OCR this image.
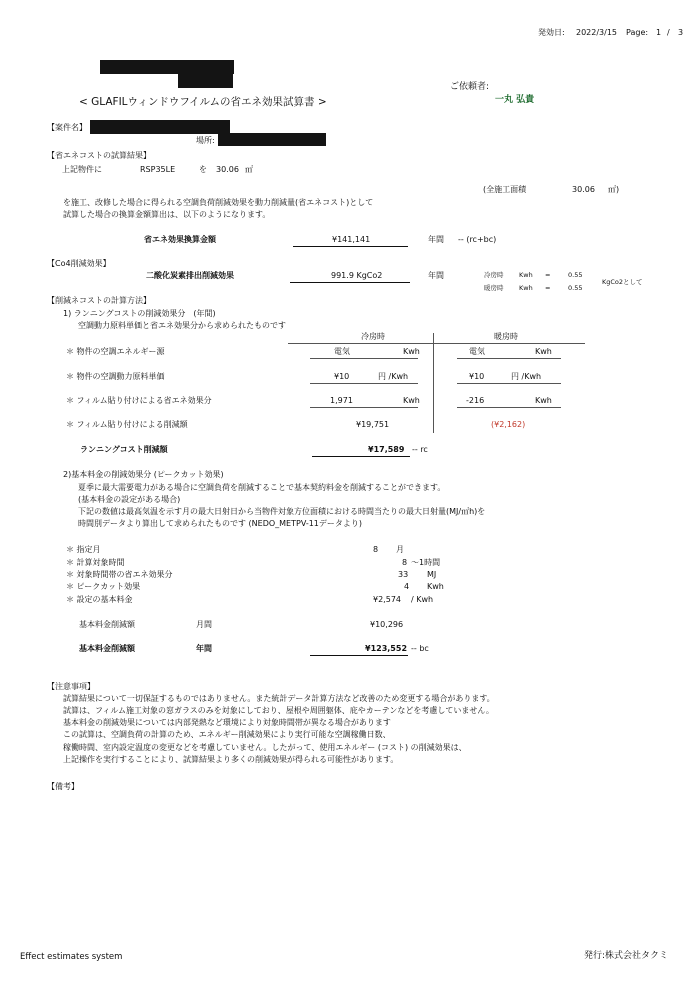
発効日: 2022/3/15 Page: 1 / 3
ご依頼者:
< GLAFILウィンドウフイルムの省エネ効果試算書 >	一丸 弘貴
【案件名】
場所:
【省エネコストの試算結果】
上記物件に	RSP35LE	を 30.06 ㎡
(全施工面積	30.06 ㎡)
を施工、改修した場合に得られる空調負荷削減効果を動力削減量(省エネコスト)として
試算した場合の換算金額算出は、以下のようになります。
省エネ効果換算金額	¥141,141	年間 -- (rc+bc)
【Co4削減効果】
二酸化炭素排出削減効果	991.9 KgCo2	年間	冷房時 Kwh =	0.55
暖房時 Kwh =	0.55
KgCo2として
【削減ネコストの計算方法】
1) ランニングコストの削減効果分　(年間)
空調動力原料単価と省エネ効果分から求められたものです
冷房時	暖房時
＊ 物件の空調エネルギー源	電気	Kwh	電気	Kwh
＊ 物件の空調動力原料単価	¥10	円 /Kwh	¥10	円 /Kwh
＊ フィルム貼り付けによる省エネ効果分	1,971	Kwh	-216	Kwh
＊ フィルム貼り付けによる削減額	¥19,751	(¥2,162)
ランニングコスト削減額	¥17,589 -- rc
2)基本料金の削減効果分 (ピークカット効果)
夏季に最大需要電力がある場合に空調負荷を削減することで基本契約料金を削減することができます。
(基本料金の設定がある場合)
下記の数値は最高気温を示す月の最大日射日から当物件対象方位面積における時間当たりの最大日射量(MJ/㎡h)を
時間別データより算出して求められたものです (NEDO_METPV-11データより)
＊ 指定月	8 月
＊ 計算対象時間	8 ～1時間
＊ 対象時間帯の省エネ効果分	33 MJ
＊ ピークカット効果	4 Kwh
＊ 設定の基本料金	¥2,574 / Kwh
基本料金削減額	月間	¥10,296
基本料金削減額	年間	¥123,552 -- bc
【注意事項】
試算結果について一切保証するものではありません。また統計データ計算方法など改善のため変更する場合があります。
試算は、フィルム施工対象の窓ガラスのみを対象にしており、屋根や周囲躯体、庇やカーテンなどを考慮していません。
基本料金の削減効果については内部発熱など環境により対象時間帯が異なる場合があります
この試算は、空調負荷の計算のため、エネルギー削減効果により実行可能な空調稼働日数、
稼働時間、室内設定温度の変更などを考慮していません。したがって、使用エネルギー (コスト) の削減効果は、
上記操作を実行することにより、試算結果より多くの削減効果が得られる可能性があります。
【備考】
Effect estimates system	発行:株式会社タクミ
